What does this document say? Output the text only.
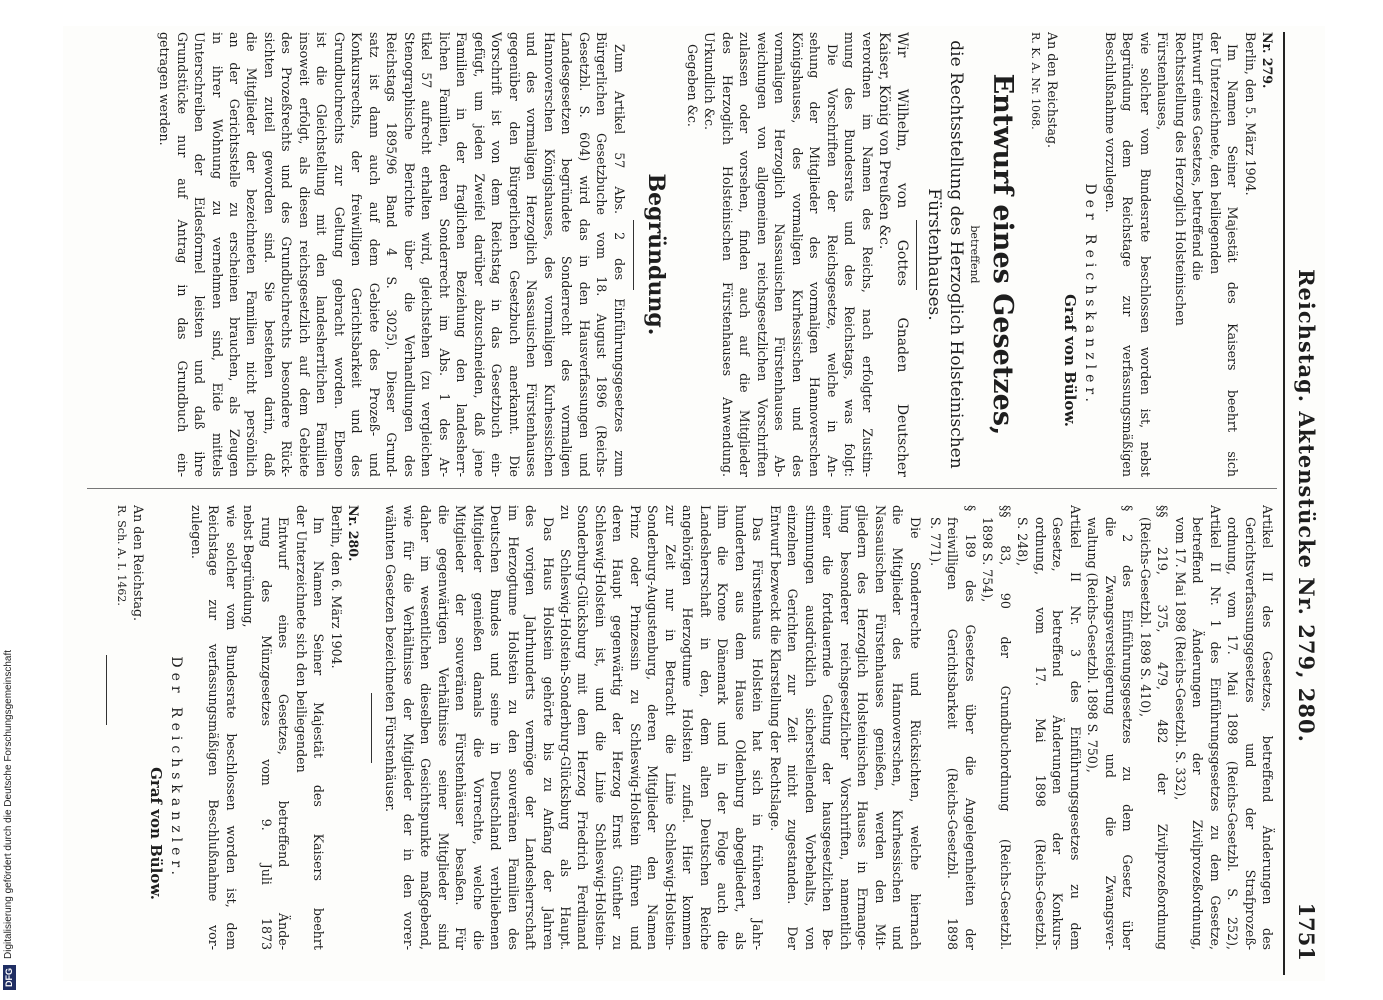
Reichstag. Aktenstücke Nr. 279, 280.
1751

Nr. 279.

Berlin, den 5. März 1904.

Im Namen Seiner Majestät des Kaisers beehrt sich

der Unterzeichnete, den beiliegenden

Entwurf eines Gesetzes, betreffend die

Rechtsstellung des Herzoglich Holsteinischen

Fürstenhauses,

wie solcher vom Bundesrate beschlossen worden ist, nebst

Begründung dem Reichstage zur verfassungsmäßigen

Beschlußnahme vorzulegen.

Der Reichskanzler.
Graf von Bülow.

An den Reichstag.

R. K. A. Nr. 1068.

Entwurf eines Gesetzes,
betreffend
die Rechtsstellung des Herzoglich Holsteinischen
Fürstenhauses.

Wir Wilhelm, von Gottes Gnaden Deutscher

Kaiser, König von Preußen &c.

verordnen im Namen des Reichs, nach erfolgter Zustim-

mung des Bundesrats und des Reichstags, was folgt:

Die Vorschriften der Reichsgesetze, welche in An-

sehung der Mitglieder des vormaligen Hannoverschen

Königshauses, des vormaligen Kurhessischen und des

vormaligen Herzoglich Nassauischen Fürstenhauses Ab-

weichungen von allgemeinen reichsgesetzlichen Vorschriften

zulassen oder vorsehen, finden auch auf die Mitglieder

des Herzoglich Holsteinischen Fürstenhauses Anwendung.

Urkundlich &c.

Gegeben &c.

Begründung.

Zum Artikel 57 Abs. 2 des Einführungsgesetzes zum

Bürgerlichen Gesetzbuche vom 18. August 1896 (Reichs-

Gesetzbl. S. 604) wird das in den Hausverfassungen und

Landesgesetzen begründete Sonderrecht des vormaligen

Hannoverschen Königshauses, des vormaligen Kurhessischen

und des vormaligen Herzoglich Nassauischen Fürstenhauses

gegenüber den Bürgerlichen Gesetzbuch anerkannt. Die

Vorschrift ist von dem Reichstag in das Gesetzbuch ein-

gefügt, um jeden Zweifel darüber abzuschneiden, daß jene

Familien in der fraglichen Beziehung den landesherr-

lichen Familien, deren Sonderrecht im Abs. 1 des Ar-

tikel 57 aufrecht erhalten wird, gleichstehen (zu vergleichen

Stenographische Berichte über die Verhandlungen des

Reichstags 1895/96 Band 4 S. 3025). Dieser Grund-

satz ist dann auch auf dem Gebiete des Prozeß- und

Konkursrechts, der freiwilligen Gerichtsbarkeit und des

Grundbuchrechts zur Geltung gebracht worden. Ebenso

ist die Gleichstellung mit den landesherrlichen Familien

insoweit erfolgt, als diesen reichsgesetzlich auf dem Gebiete

des Prozeßrechts und des Grundbuchrechts besondere Rück-

sichten zuteil geworden sind. Sie bestehen darin, daß

die Mitglieder der bezeichneten Familien nicht persönlich

an der Gerichtsstelle zu erscheinen brauchen, als Zeugen

in ihrer Wohnung zu vernehmen sind, Eide mittels

Unterschreiben der Eidesformel leisten und daß ihre

Grundstücke nur auf Antrag in das Grundbuch ein-

getragen werden.

Artikel II des Gesetzes, betreffend Änderungen des

Gerichtsverfassungsgesetzes und der Strafprozeß-

ordnung, vom 17. Mai 1898 (Reichs-Gesetzbl. S. 252),

Artikel II Nr. 1 des Einführungsgesetzes zu dem Gesetze,

betreffend Änderungen der Zivilprozeßordnung,

vom 17. Mai 1898 (Reichs-Gesetzbl. S. 332),

§§ 219, 375, 479, 482 der Zivilprozeßordnung

(Reichs-Gesetzbl. 1898 S. 410),

§ 2 des Einführungsgesetzes zu dem Gesetz über

die Zwangsversteigerung und die Zwangsver-

waltung (Reichs-Gesetzbl. 1898 S. 750),

Artikel II Nr. 3 des Einführungsgesetzes zu dem

Gesetze, betreffend Änderungen der Konkurs-

ordnung, vom 17. Mai 1898 (Reichs-Gesetzbl.

S. 248),

§§ 83, 90 der Grundbuchordnung (Reichs-Gesetzbl.

1898 S. 754),

§ 189 des Gesetzes über die Angelegenheiten der

freiwilligen Gerichtsbarkeit (Reichs-Gesetzbl. 1898

S. 771).

Die Sonderrechte und Rücksichten, welche hiernach

die Mitglieder des Hannoverschen, Kurhessischen und

Nassauischen Fürstenhauses genießen, werden den Mit-

gliedern des Herzoglich Holsteinischen Hauses in Ermange-

lung besonderer reichsgesetzlicher Vorschriften, namentlich

einer die fortdauernde Geltung der hausgesetzlichen Be-

stimmungen ausdrücklich sicherstellenden Vorbehalts, von

einzelnen Gerichten zur Zeit nicht zugestanden. Der

Entwurf bezweckt die Klarstellung der Rechtslage.

Das Fürstenhaus Holstein hat sich in früheren Jahr-

hunderten aus dem Hause Oldenburg abgegliedert, als

ihm die Krone Dänemark und in der Folge auch die

Landesherrschaft in den, dem alten Deutschen Reiche

angehörigen Herzogtume Holstein zufiel. Hier kommen

zur Zeit nur in Betracht die Linie Schleswig-Holstein-

Sonderburg-Augustenburg, deren Mitglieder den Namen

Prinz oder Prinzessin zu Schleswig-Holstein führen und

deren Haupt gegenwärtig der Herzog Ernst Günther zu

Schleswig-Holstein ist, und die Linie Schleswig-Holstein-

Sonderburg-Glücksburg mit dem Herzog Friedrich Ferdinand

zu Schleswig-Holstein-Sonderburg-Glücksburg als Haupt.

Das Haus Holstein gehörte bis zu Anfang der Jahren

des vorigen Jahrhunderts vermöge der Landesherrschaft

im Herzogtume Holstein zu den souveränen Familien des

Deutschen Bundes und seine in Deutschland verbliebenen

Mitglieder genießen damals die Vorrechte, welche die

Mitglieder der souveränen Fürstenhäuser besaßen. Für

die gegenwärtigen Verhältnisse seiner Mitglieder sind

daher im wesentlichen dieselben Gesichtspunkte maßgebend,

wie für die Verhältnisse der Mitglieder der in den vorer-

wähnten Gesetzen bezeichneten Fürstenhäuser.

Nr. 280.

Berlin, den 6. März 1904.

Im Namen Seiner Majestät des Kaisers beehrt

der Unterzeichnete sich den beiliegenden

Entwurf eines Gesetzes, betreffend Ände-

rung des Münzgesetzes vom 9. Juli 1873

nebst Begründung,

wie solcher vom Bundesrate beschlossen worden ist, dem

Reichstage zur verfassungsmäßigen Beschlußnahme vor-

zulegen.

Der Reichskanzler.
Graf von Bülow.

An den Reichstag.

R. Sch. A. I. 1462.

DFG
Digitalisierung gefördert durch die Deutsche Forschungsgemeinschaft
